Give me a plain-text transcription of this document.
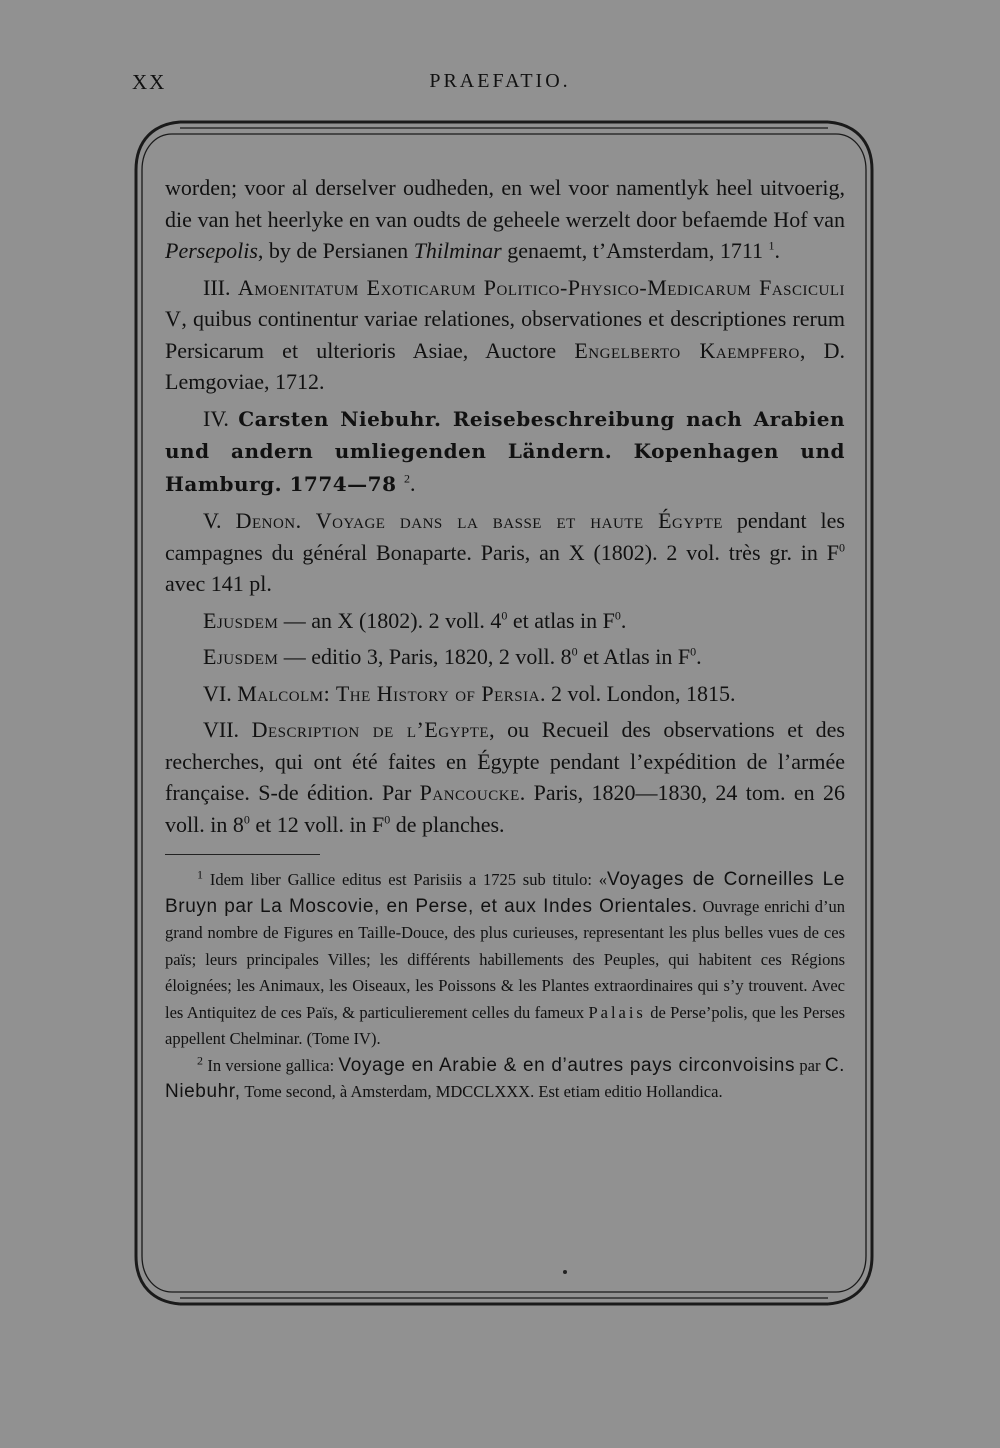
XX	PRAEFATIO.

worden; voor al derselver oudheden, en wel voor namentlyk heel uitvoerig, die van het heerlyke en van oudts de geheele werzelt door befaemde Hof van Persepolis, by de Persianen Thilminar genaemt, t’Amsterdam, 1711 $^1$.

III. Amoenitatum Exoticarum Politico-Physico-Medicarum Fasciculi V, quibus continentur variae relationes, observationes et descriptiones rerum Persicarum et ulterioris Asiae, Auctore Engelberto Kaempfero, D. Lemgoviae, 1712.

IV. Carsten Niebuhr. Reisebeschreibung nach Arabien und andern umliegenden Ländern. Kopenhagen und Hamburg. 1774—78 $^2$.

V. Denon. Voyage dans la basse et haute Égypte pendant les campagnes du général Bonaparte. Paris, an X (1802). 2 vol. très gr. in $F^0$ avec 141 pl.

Ejusdem — an X (1802). 2 voll. $4^0$ et atlas in $F^0$.

Ejusdem — editio 3, Paris, 1820, 2 voll. $8^0$ et Atlas in $F^0$.

VI. Malcolm: The History of Persia. 2 vol. London, 1815.

VII. Description de l’Egypte, ou Recueil des observations et des recherches, qui ont été faites en Égypte pendant l’expédition de l’armée française. S-de édition. Par Pancoucke. Paris, 1820—1830, 24 tom. en 26 voll. in $8^0$ et 12 voll. in $F^0$ de planches.

$^1$ Idem liber Gallice editus est Parisiis a 1725 sub titulo: «Voyages de Corneilles Le Bruyn par La Moscovie, en Perse, et aux Indes Orientales. Ouvrage enrichi d’un grand nombre de Figures en Taille-Douce, des plus curieuses, representant les plus belles vues de ces païs; leurs principales Villes; les différents habillements des Peuples, qui habitent ces Régions éloignées; les Animaux, les Oiseaux, les Poissons & les Plantes extraordinaires qui s’y trouvent. Avec les Antiquitez de ces Païs, & particulierement celles du fameux Palais de Perse’polis, que les Perses appellent Chelminar. (Tome IV).

$^2$ In versione gallica: Voyage en Arabie & en d’autres pays circonvoisins par C. Niebuhr, Tome second, à Amsterdam, MDCCLXXX. Est etiam editio Hollandica.
